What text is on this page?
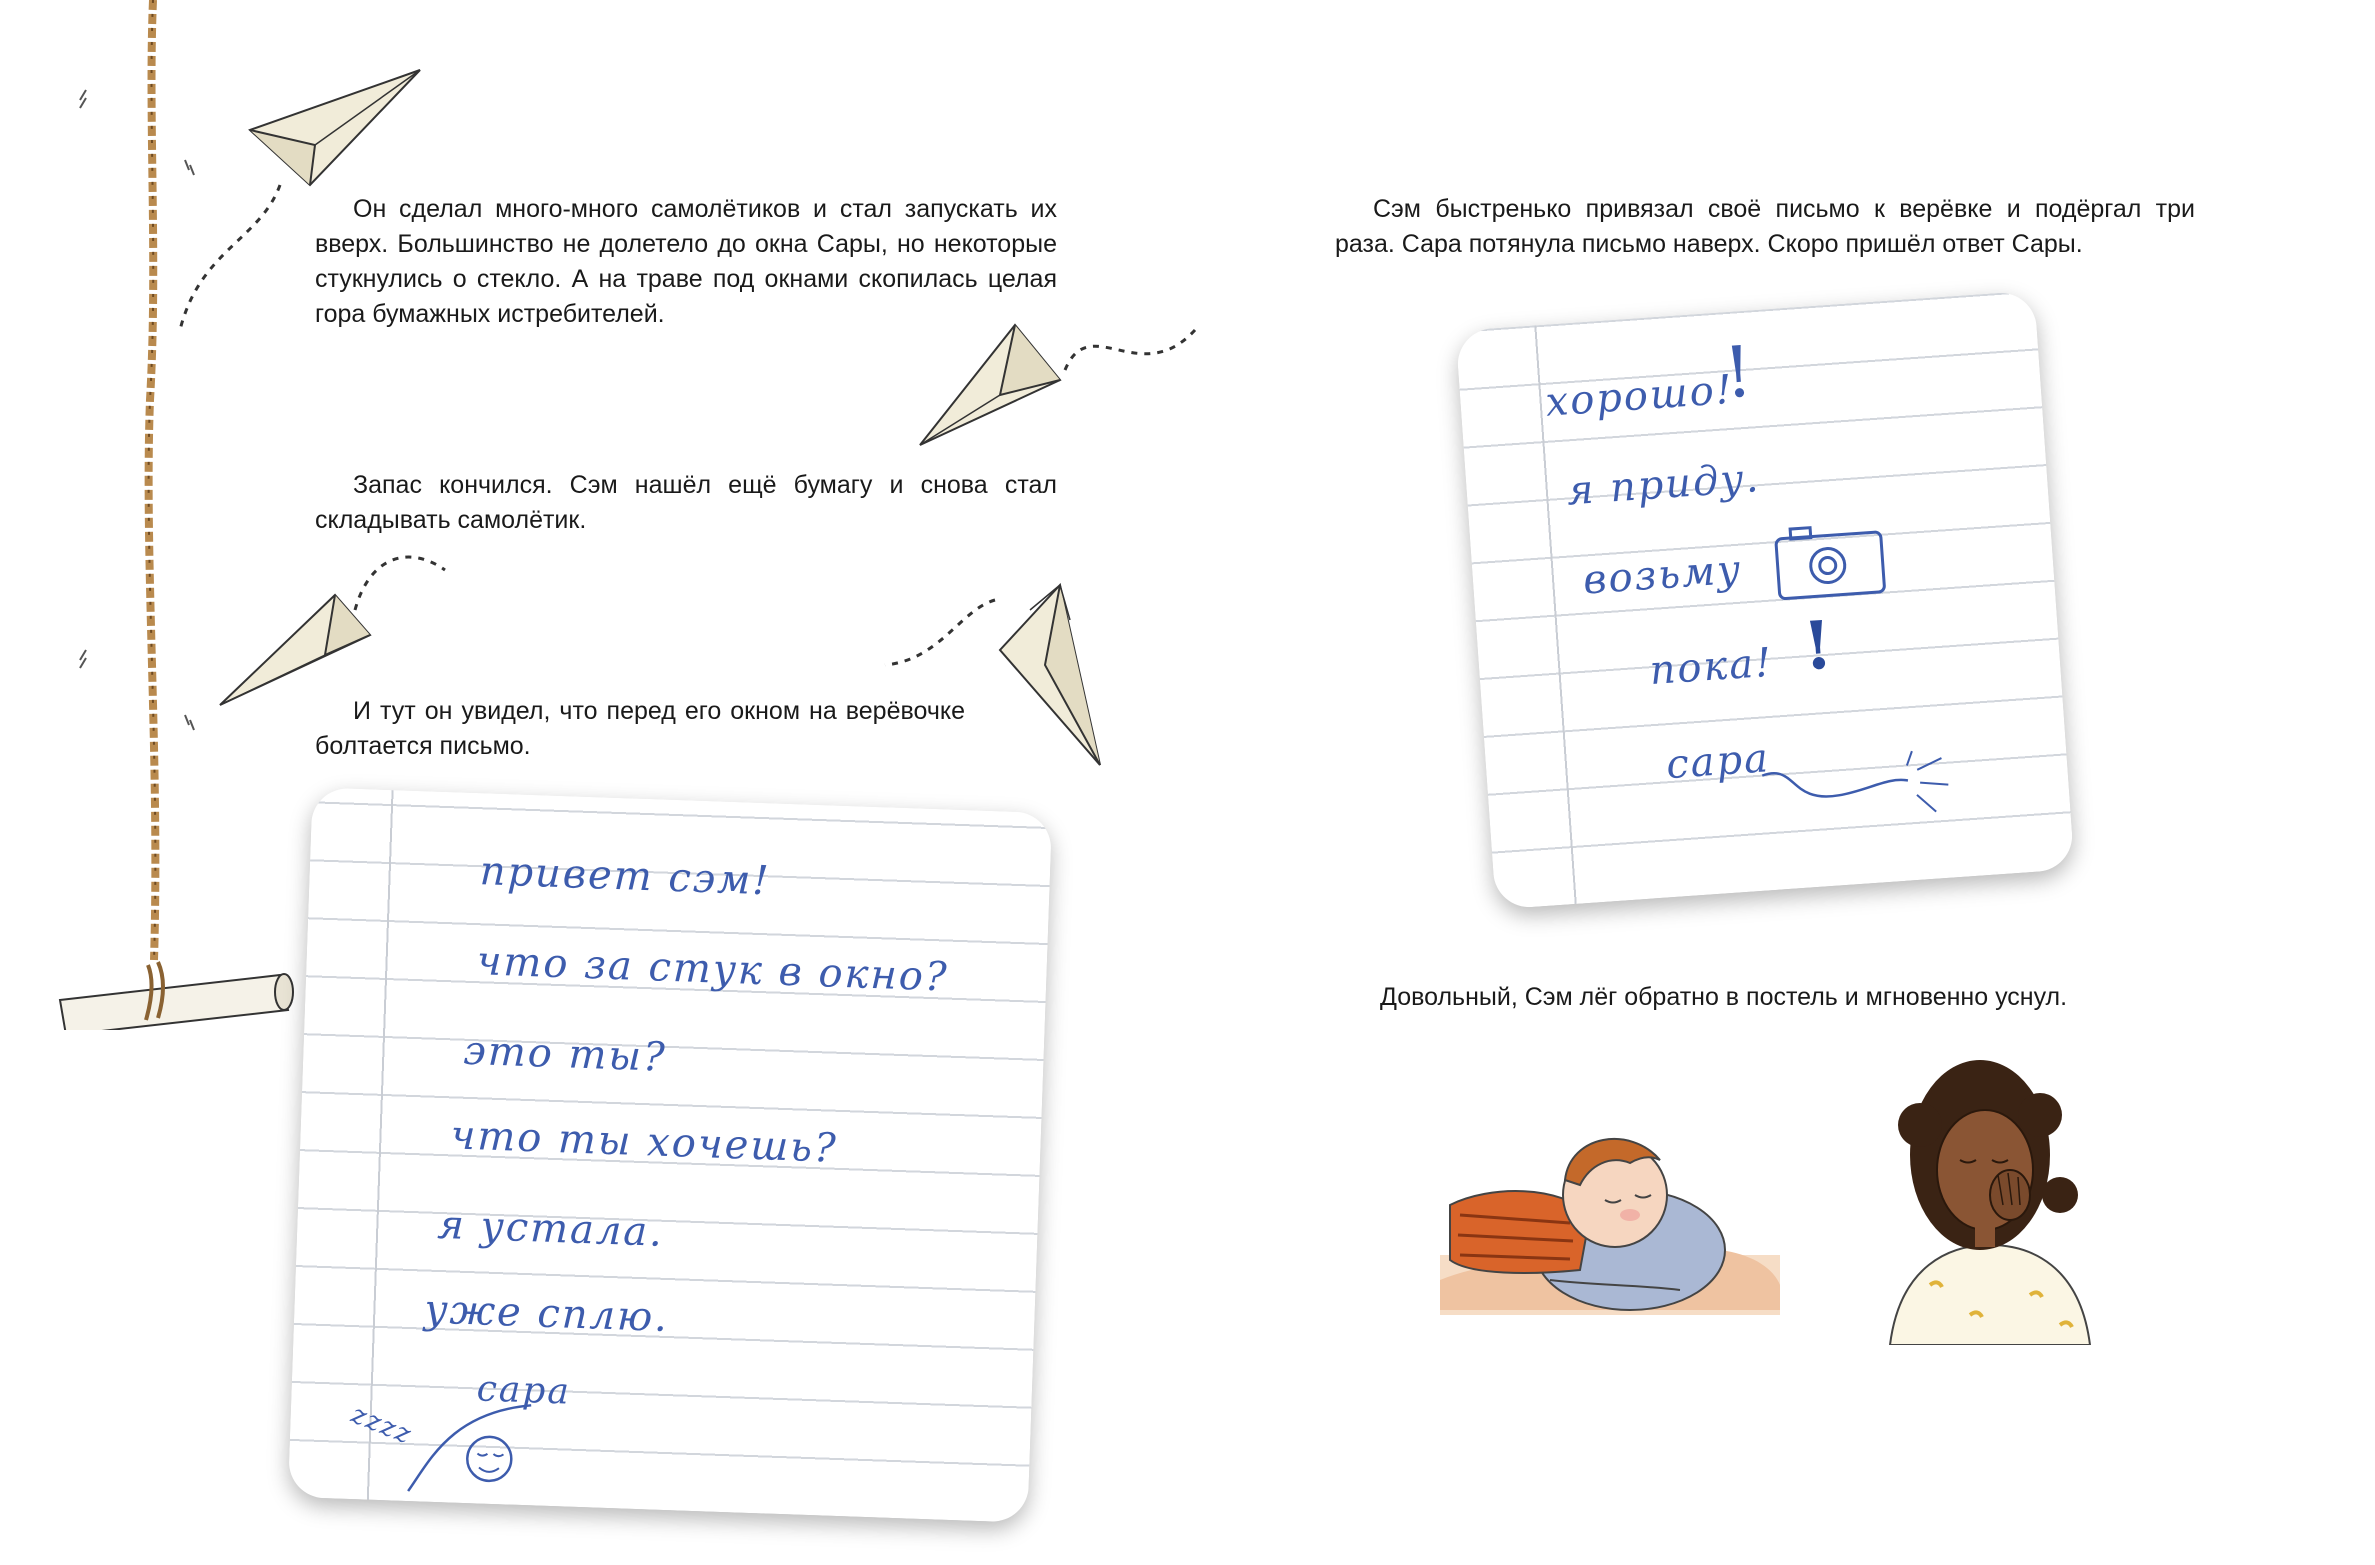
Он сделал много-много самолётиков и стал запускать их вверх. Большинство не долетело до окна Сары, но некоторые стукнулись о стекло. А на траве под окнами скопилась целая гора бумажных истребителей.

Запас кончился. Сэм нашёл ещё бумагу и снова стал складывать самолётик.

И тут он увидел, что перед его окном на верёвочке болтается письмо.

привет сэм!
что за стук в окно?
это ты?
что ты хочешь?
я устала.
уже сплю.
сара
zzzz

Сэм быстренько привязал своё письмо к верёвке и подёргал три раза. Сара потянула письмо наверх. Скоро пришёл ответ Сары.

хорошо!
!
я приду.
возьму
пока! !
сара

Довольный, Сэм лёг обратно в постель и мгновенно уснул.
